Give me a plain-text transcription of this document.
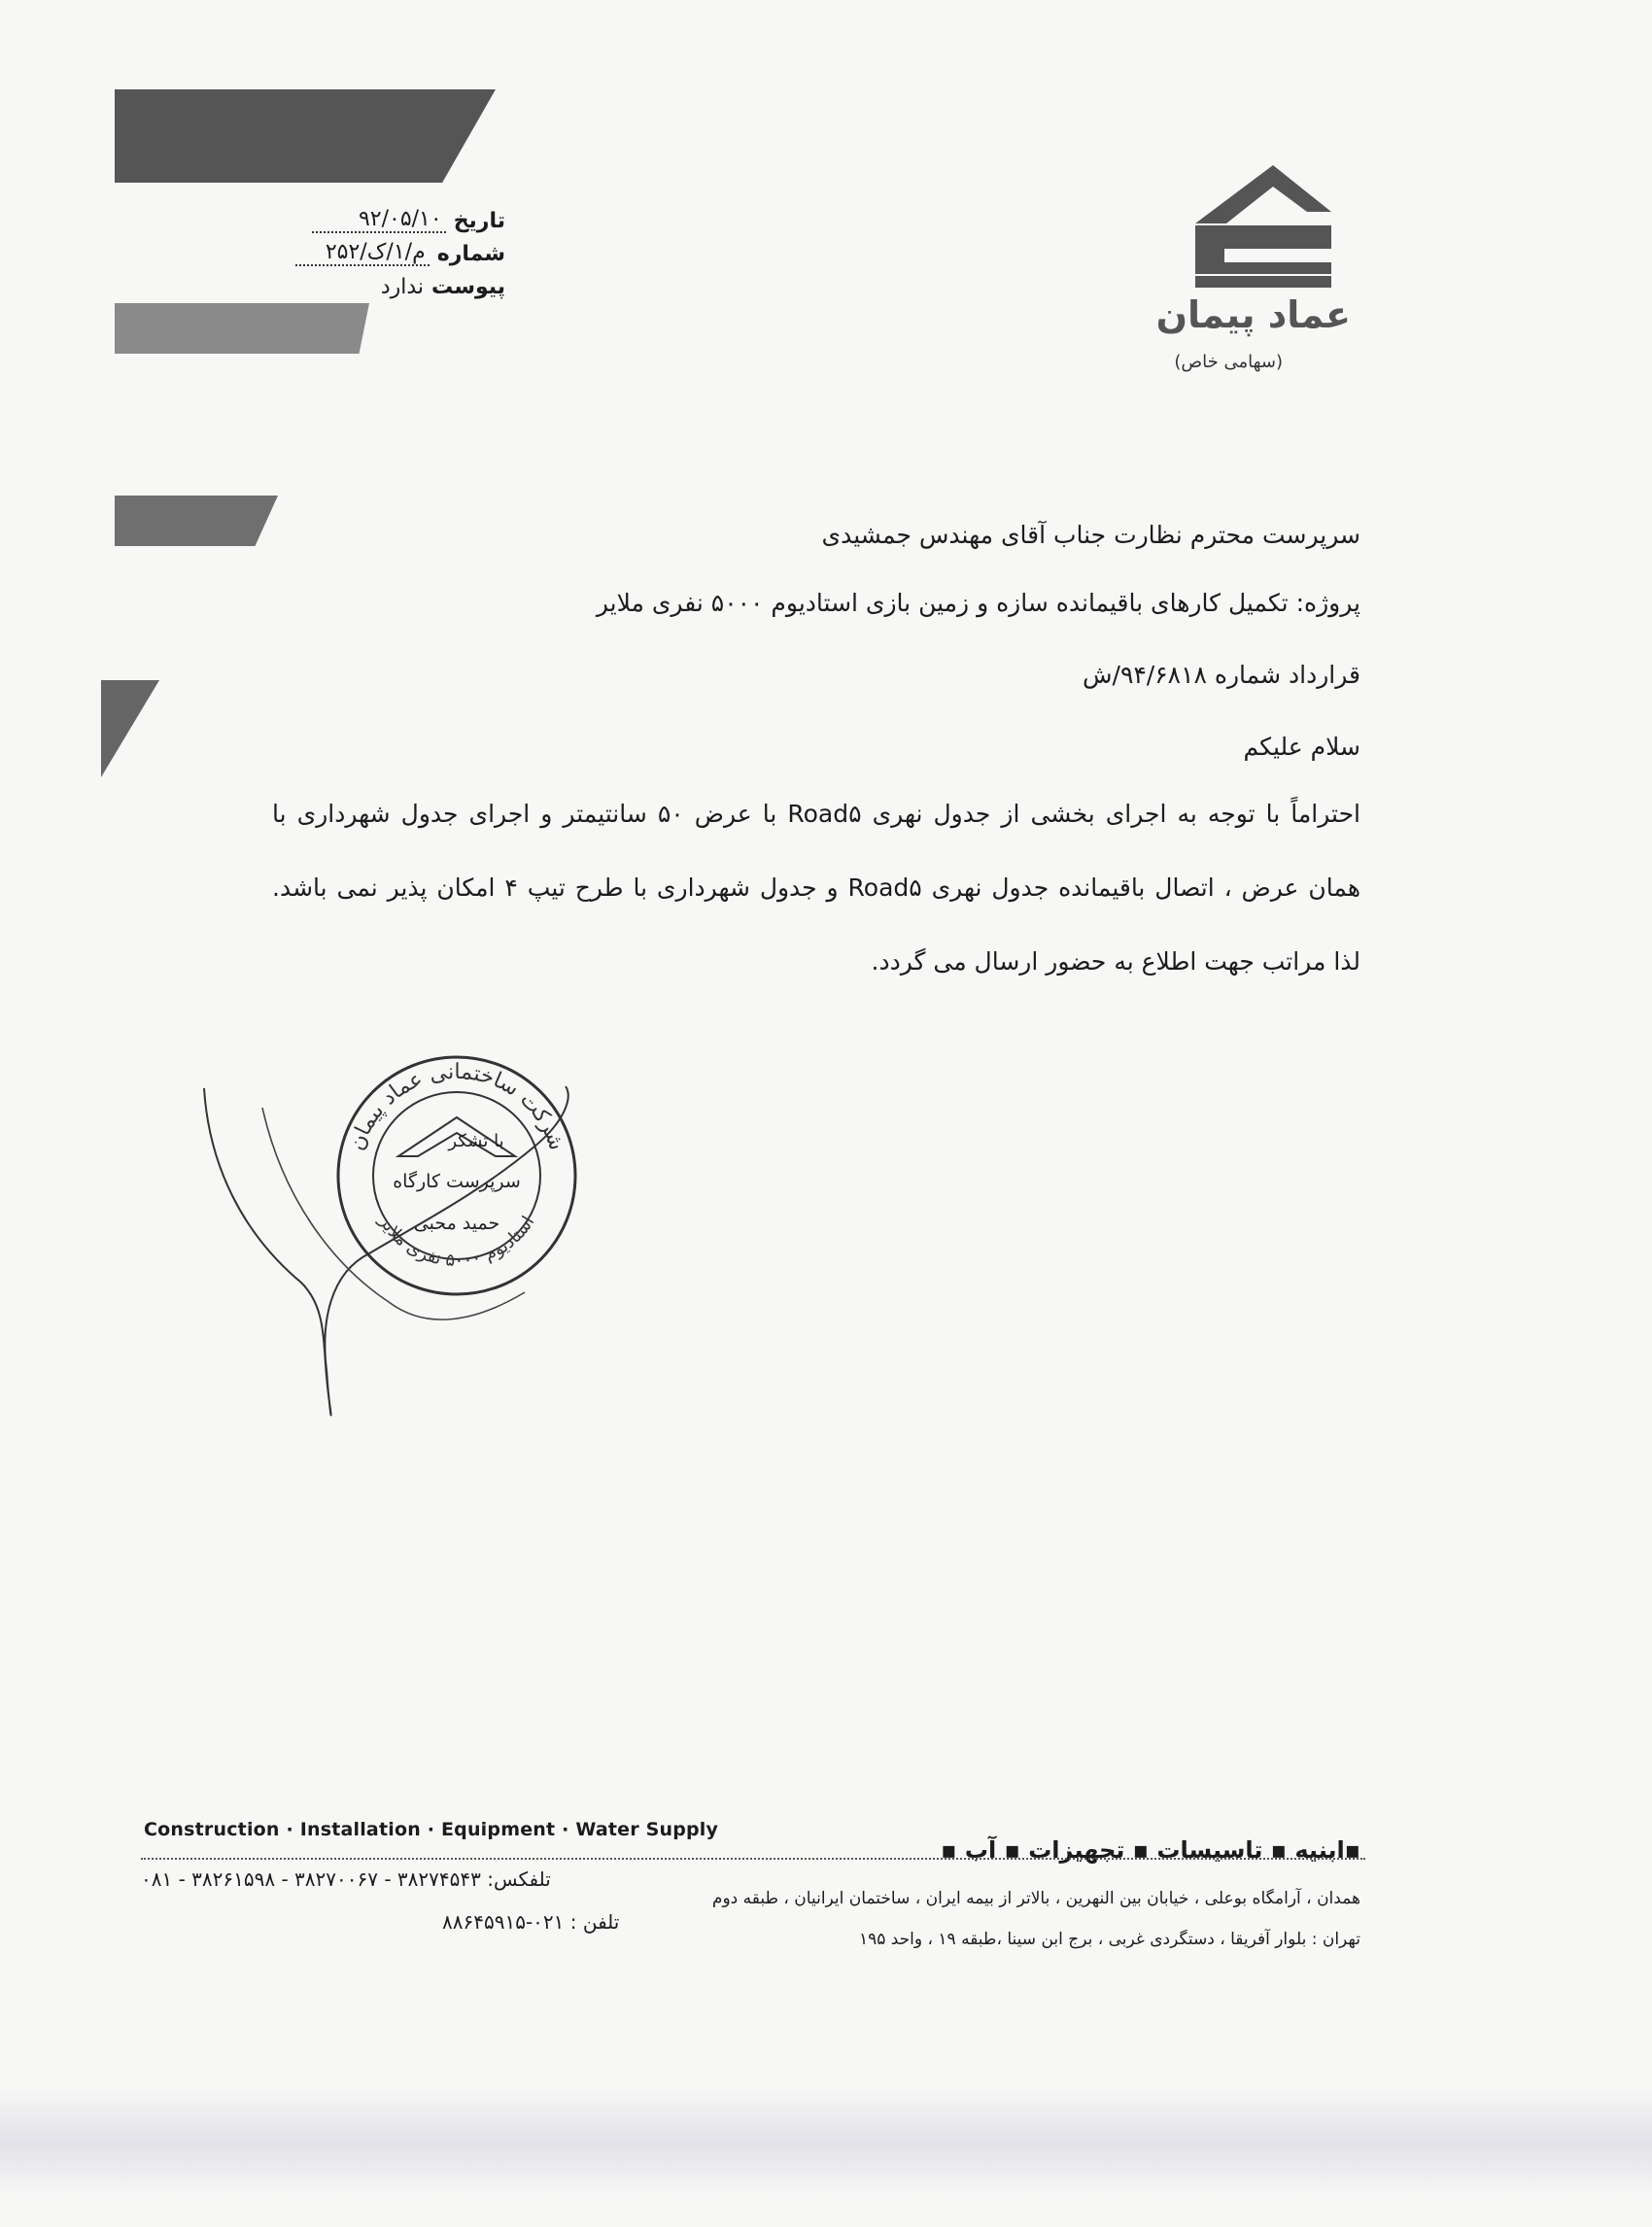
تاریخ
۹۲/۰۵/۱۰
شماره
۲۵۲/م/۱/ک
پیوست
ندارد
عماد پیمان
(سهامی خاص)
سرپرست محترم نظارت جناب آقای مهندس جمشیدی
پروژه: تکمیل کارهای باقیمانده سازه و زمین بازی استادیوم ۵۰۰۰ نفری ملایر
قرارداد شماره ۹۴/۶۸۱۸/ش
سلام علیکم
احتراماً با توجه به اجرای بخشی از جدول نهری Road۵ با عرض ۵۰ سانتیمتر و اجرای جدول شهرداری با همان عرض ، اتصال باقیمانده جدول نهری Road۵ و جدول شهرداری با طرح تیپ ۴ امکان پذیر نمی باشد. لذا مراتب جهت اطلاع به حضور ارسال می گردد.
شرکت ساختمانی عماد پیمان
استادیوم ۵۰۰۰ نفری ملایر
با تشکر
سرپرست کارگاه
حمید محبی
Construction · Installation · Equipment · Water Supply
▪ابنیه ▪ تاسیسات ▪ تجهیزات ▪ آب ▪
همدان ، آرامگاه بوعلی ، خیابان بین النهرین ، بالاتر از بیمه ایران ، ساختمان ایرانیان ، طبقه دوم
تلفکس: ۳۸۲۷۴۵۴۳ - ۳۸۲۷۰۰۶۷ - ۳۸۲۶۱۵۹۸ - ۰۸۱
تهران : بلوار آفریقا ، دستگردی غربی ، برج ابن سینا ،طبقه ۱۹ ، واحد ۱۹۵
تلفن : ۰۲۱-۸۸۶۴۵۹۱۵
